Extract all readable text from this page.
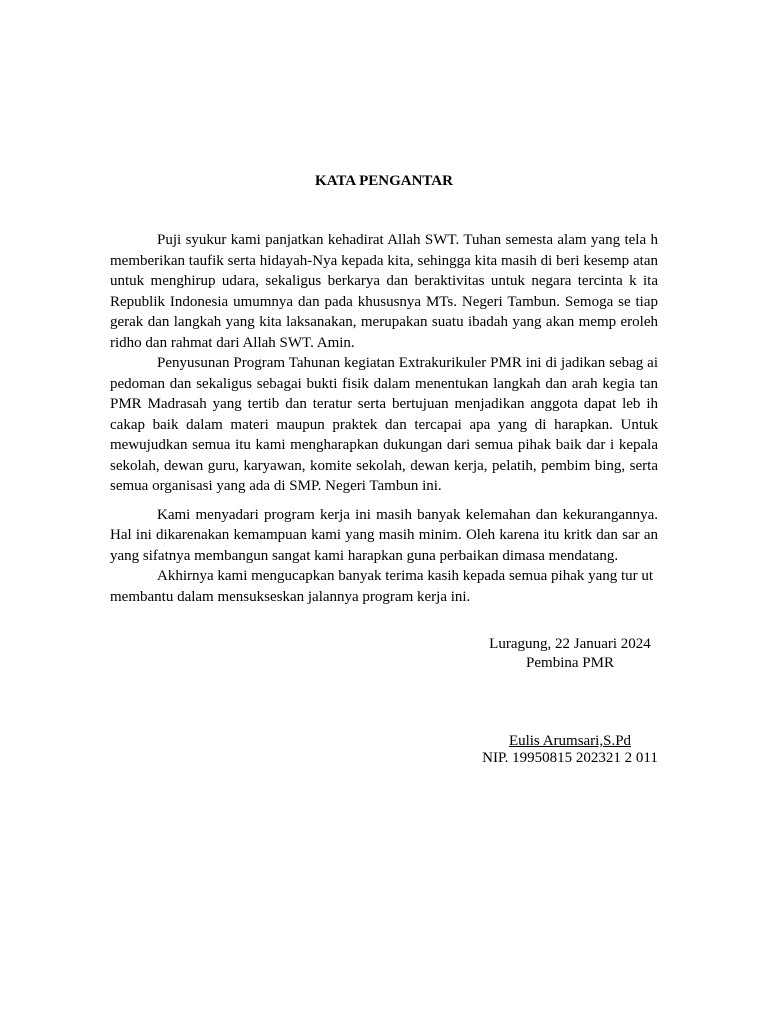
KATA PENGANTAR

Puji syukur kami panjatkan kehadirat Allah SWT. Tuhan semesta alam yang tela h memberikan taufik serta hidayah-Nya kepada kita, sehingga kita masih di beri kesemp atan untuk menghirup udara, sekaligus berkarya dan beraktivitas untuk negara tercinta k ita Republik Indonesia umumnya dan pada khususnya MTs. Negeri Tambun. Semoga se tiap gerak dan langkah yang kita laksanakan, merupakan suatu ibadah yang akan memp eroleh ridho dan rahmat dari Allah SWT. Amin.

Penyusunan Program Tahunan kegiatan Extrakurikuler PMR ini di jadikan sebag ai pedoman dan sekaligus sebagai bukti fisik dalam menentukan langkah dan arah kegia tan PMR Madrasah yang tertib dan teratur serta bertujuan menjadikan anggota dapat leb ih cakap baik dalam materi maupun praktek dan tercapai apa yang di harapkan. Untuk mewujudkan semua itu kami mengharapkan dukungan dari semua pihak baik dar i kepala sekolah, dewan guru, karyawan, komite sekolah, dewan kerja, pelatih, pembim bing, serta semua organisasi yang ada di SMP. Negeri Tambun ini.

Kami menyadari program kerja ini masih banyak kelemahan dan kekurangannya. Hal ini dikarenakan kemampuan kami yang masih minim. Oleh karena itu kritk dan sar an yang sifatnya membangun sangat kami harapkan guna perbaikan dimasa mendatang.

Akhirnya kami mengucapkan banyak terima kasih kepada semua pihak yang tur ut membantu dalam mensukseskan jalannya program kerja ini.

Luragung, 22 Januari 2024
Pembina PMR
Eulis Arumsari,S.Pd
NIP. 19950815 202321 2 011
